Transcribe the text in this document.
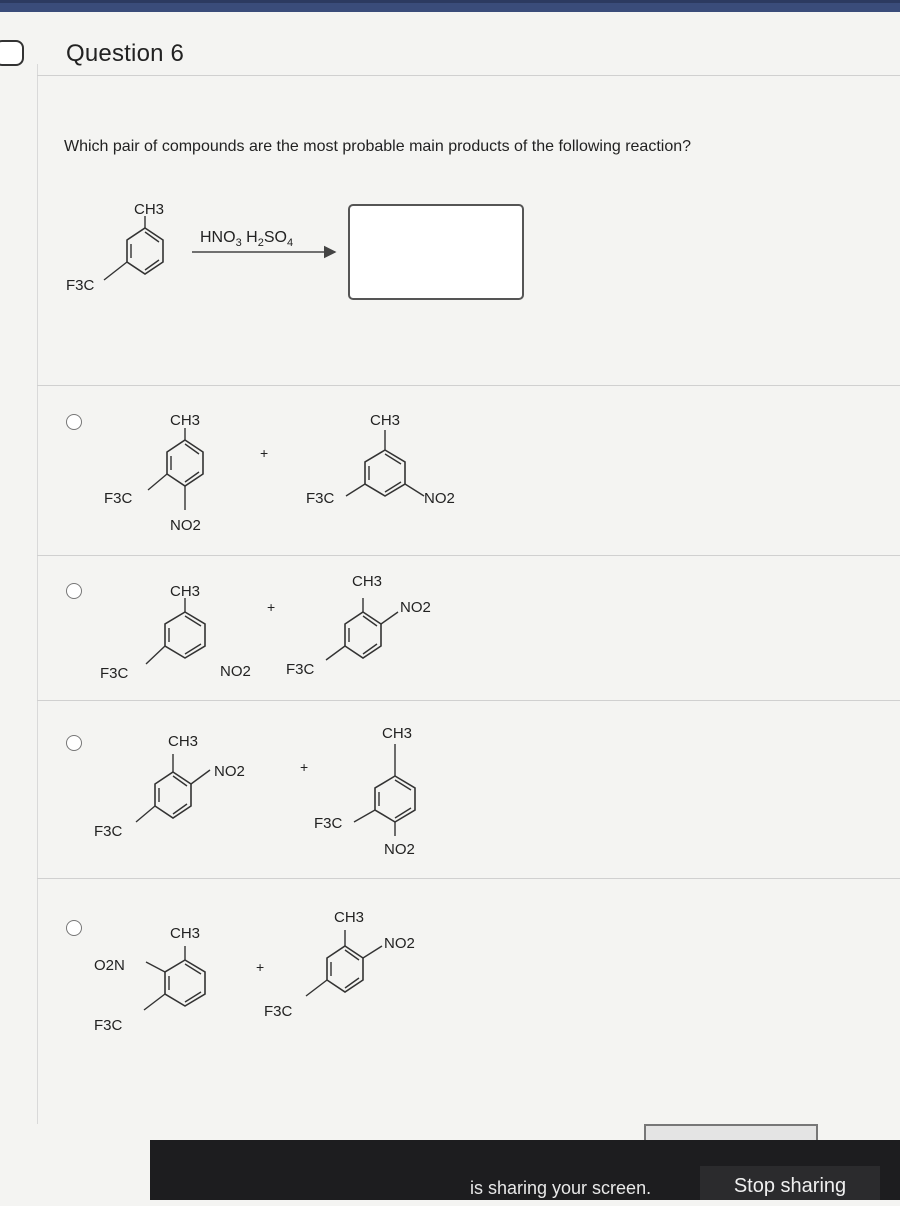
Question 6
Which pair of compounds are the most probable main products of the following reaction?
$HNO_3$ $H_2SO_4$
CH3
F3C
CH3
F3C
NO2
+
CH3
F3C	NO2
CH3
F3C	NO2
+
CH3
NO2
F3C
CH3
NO2
F3C
+
CH3
F3C
NO2
CH3
O2N
F3C
+
CH3
NO2
F3C
is sharing your screen.	Stop sharing
